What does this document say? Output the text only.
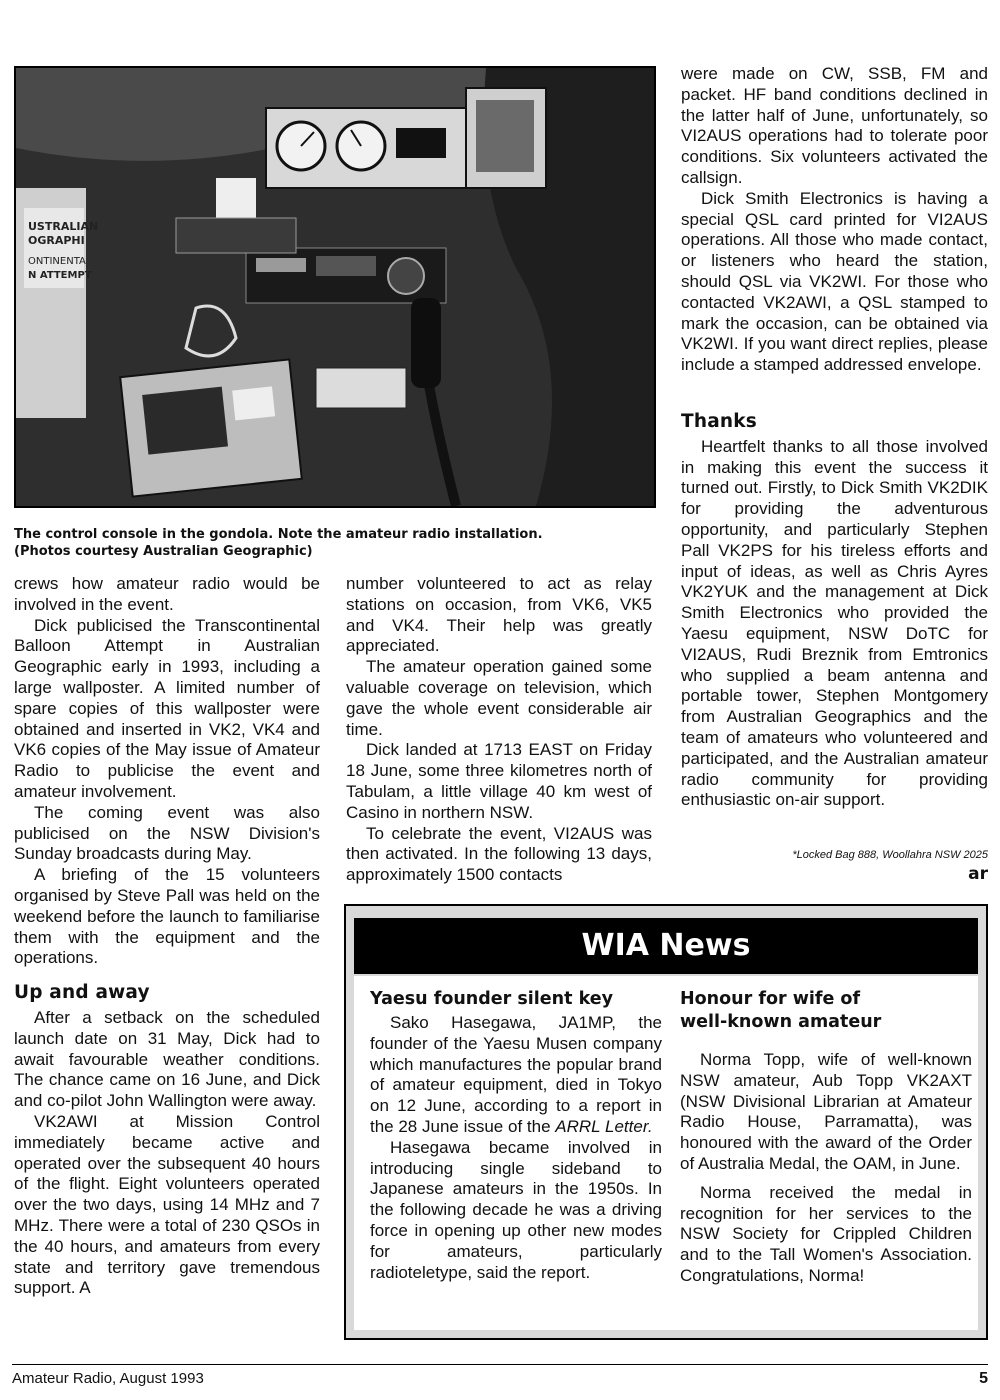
USTRALIAN
OGRAPHI
ONTINENTA
N ATTEMPT
The control console in the gondola. Note the amateur radio installation.
(Photos courtesy Australian Geographic)

crews how amateur radio would be involved in the event.

Dick publicised the Transcontinental Balloon Attempt in Australian Geographic early in 1993, including a large wallposter. A limited number of spare copies of this wallposter were obtained and inserted in VK2, VK4 and VK6 copies of the May issue of Amateur Radio to publicise the event and amateur involvement.

The coming event was also publicised on the NSW Division's Sunday broadcasts during May.

A briefing of the 15 volunteers organised by Steve Pall was held on the weekend before the launch to familiarise them with the equipment and the operations.

Up and away

After a setback on the scheduled launch date on 31 May, Dick had to await favourable weather conditions. The chance came on 16 June, and Dick and co-pilot John Wallington were away.

VK2AWI at Mission Control immediately became active and operated over the subsequent 40 hours of the flight. Eight volunteers operated over the two days, using 14 MHz and 7 MHz. There were a total of 230 QSOs in the 40 hours, and amateurs from every state and territory gave tremendous support. A

number volunteered to act as relay stations on occasion, from VK6, VK5 and VK4. Their help was greatly appreciated.

The amateur operation gained some valuable coverage on television, which gave the whole event considerable air time.

Dick landed at 1713 EAST on Friday 18 June, some three kilometres north of Tabulam, a little village 40 km west of Casino in northern NSW.

To celebrate the event, VI2AUS was then activated. In the following 13 days, approximately 1500 contacts

were made on CW, SSB, FM and packet. HF band conditions declined in the latter half of June, unfortunately, so VI2AUS operations had to tolerate poor conditions. Six volunteers activated the callsign.

Dick Smith Electronics is having a special QSL card printed for VI2AUS operations. All those who made contact, or listeners who heard the station, should QSL via VK2WI. For those who contacted VK2AWI, a QSL stamped to mark the occasion, can be obtained via VK2WI. If you want direct replies, please include a stamped addressed envelope.

Thanks

Heartfelt thanks to all those involved in making this event the success it turned out. Firstly, to Dick Smith VK2DIK for providing the adventurous opportunity, and particularly Stephen Pall VK2PS for his tireless efforts and input of ideas, as well as Chris Ayres VK2YUK and the management at Dick Smith Electronics who provided the Yaesu equipment, NSW DoTC for VI2AUS, Rudi Breznik from Emtronics who supplied a beam antenna and portable tower, Stephen Montgomery from Australian Geographics and the team of amateurs who volunteered and participated, and the Australian amateur radio community for providing enthusiastic on-air support.

*Locked Bag 888, Woollahra NSW 2025
ar
WIA News
Yaesu founder silent key

Sako Hasegawa, JA1MP, the founder of the Yaesu Musen company which manufactures the popular brand of amateur equipment, died in Tokyo on 12 June, according to a report in the 28 June issue of the ARRL Letter.

Hasegawa became involved in introducing single sideband to Japanese amateurs in the 1950s. In the following decade he was a driving force in opening up other new modes for amateurs, particularly radioteletype, said the report.

Honour for wife of
well-known amateur

Norma Topp, wife of well-known NSW amateur, Aub Topp VK2AXT (NSW Divisional Librarian at Amateur Radio House, Parramatta), was honoured with the award of the Order of Australia Medal, the OAM, in June.

Norma received the medal in recognition for her services to the NSW Society for Crippled Children and to the Tall Women's Association. Congratulations, Norma!

Amateur Radio, August 1993	5
